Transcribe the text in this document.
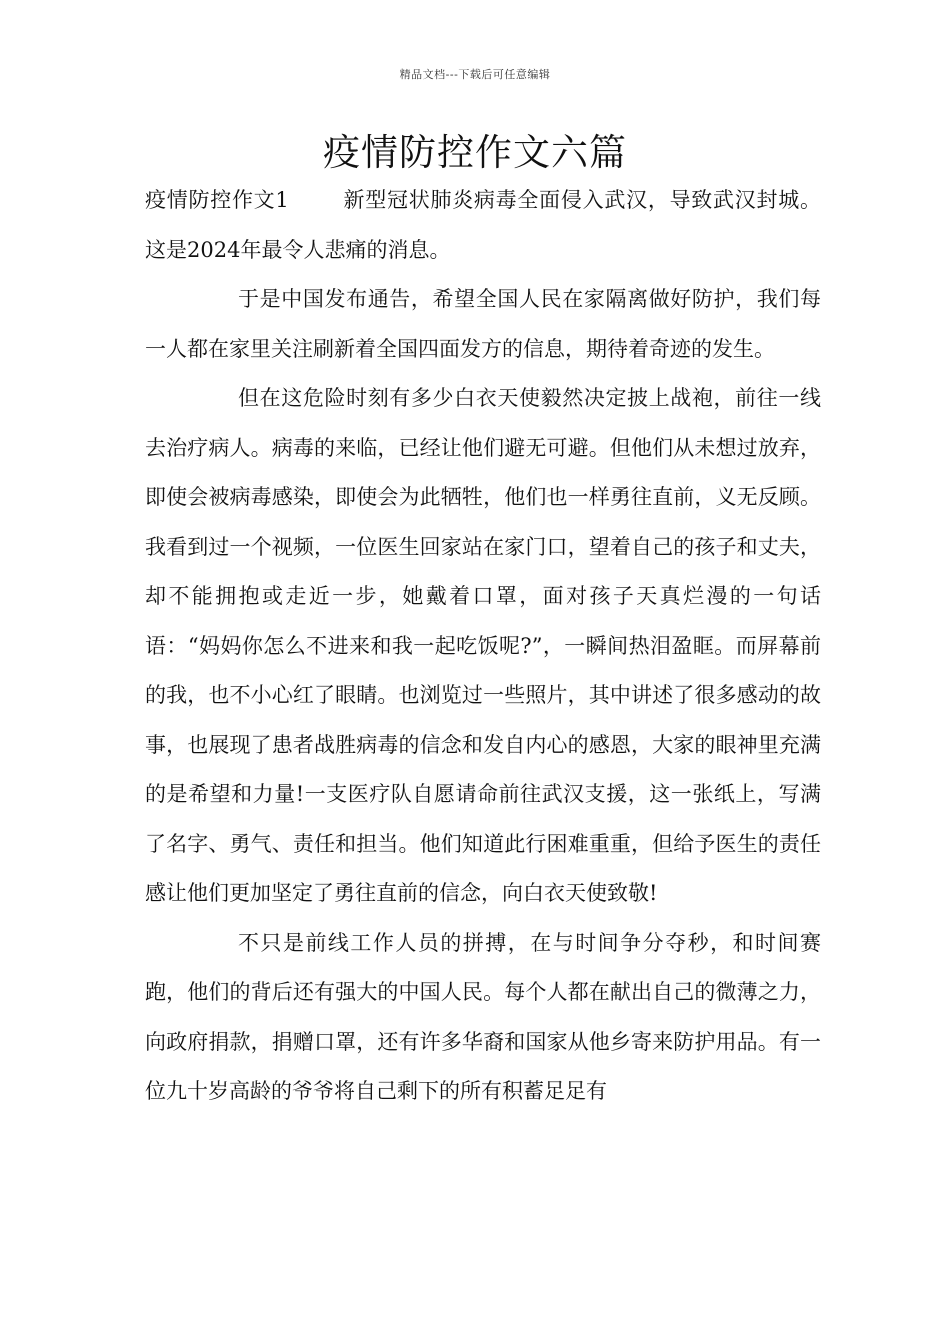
精品文档---下载后可任意编辑
疫情防控作文六篇

疫情防控作文1	新型冠状肺炎病毒全面侵入武汉，导致武汉封城。这是2024年最令人悲痛的消息。

于是中国发布通告，希望全国人民在家隔离做好防护，我们每一人都在家里关注刷新着全国四面发方的信息，期待着奇迹的发生。

但在这危险时刻有多少白衣天使毅然决定披上战袍，前往一线去治疗病人。病毒的来临，已经让他们避无可避。但他们从未想过放弃，即使会被病毒感染，即使会为此牺牲，他们也一样勇往直前，义无反顾。我看到过一个视频，一位医生回家站在家门口，望着自己的孩子和丈夫，却不能拥抱或走近一步，她戴着口罩，面对孩子天真烂漫的一句话语：“妈妈你怎么不进来和我一起吃饭呢?”，一瞬间热泪盈眶。而屏幕前的我，也不小心红了眼睛。也浏览过一些照片，其中讲述了很多感动的故事，也展现了患者战胜病毒的信念和发自内心的感恩，大家的眼神里充满的是希望和力量!一支医疗队自愿请命前往武汉支援，这一张纸上，写满了名字、勇气、责任和担当。他们知道此行困难重重，但给予医生的责任感让他们更加坚定了勇往直前的信念，向白衣天使致敬!

不只是前线工作人员的拼搏，在与时间争分夺秒，和时间赛跑，他们的背后还有强大的中国人民。每个人都在献出自己的微薄之力，向政府捐款，捐赠口罩，还有许多华裔和国家从他乡寄来防护用品。有一位九十岁高龄的爷爷将自己剩下的所有积蓄足足有
